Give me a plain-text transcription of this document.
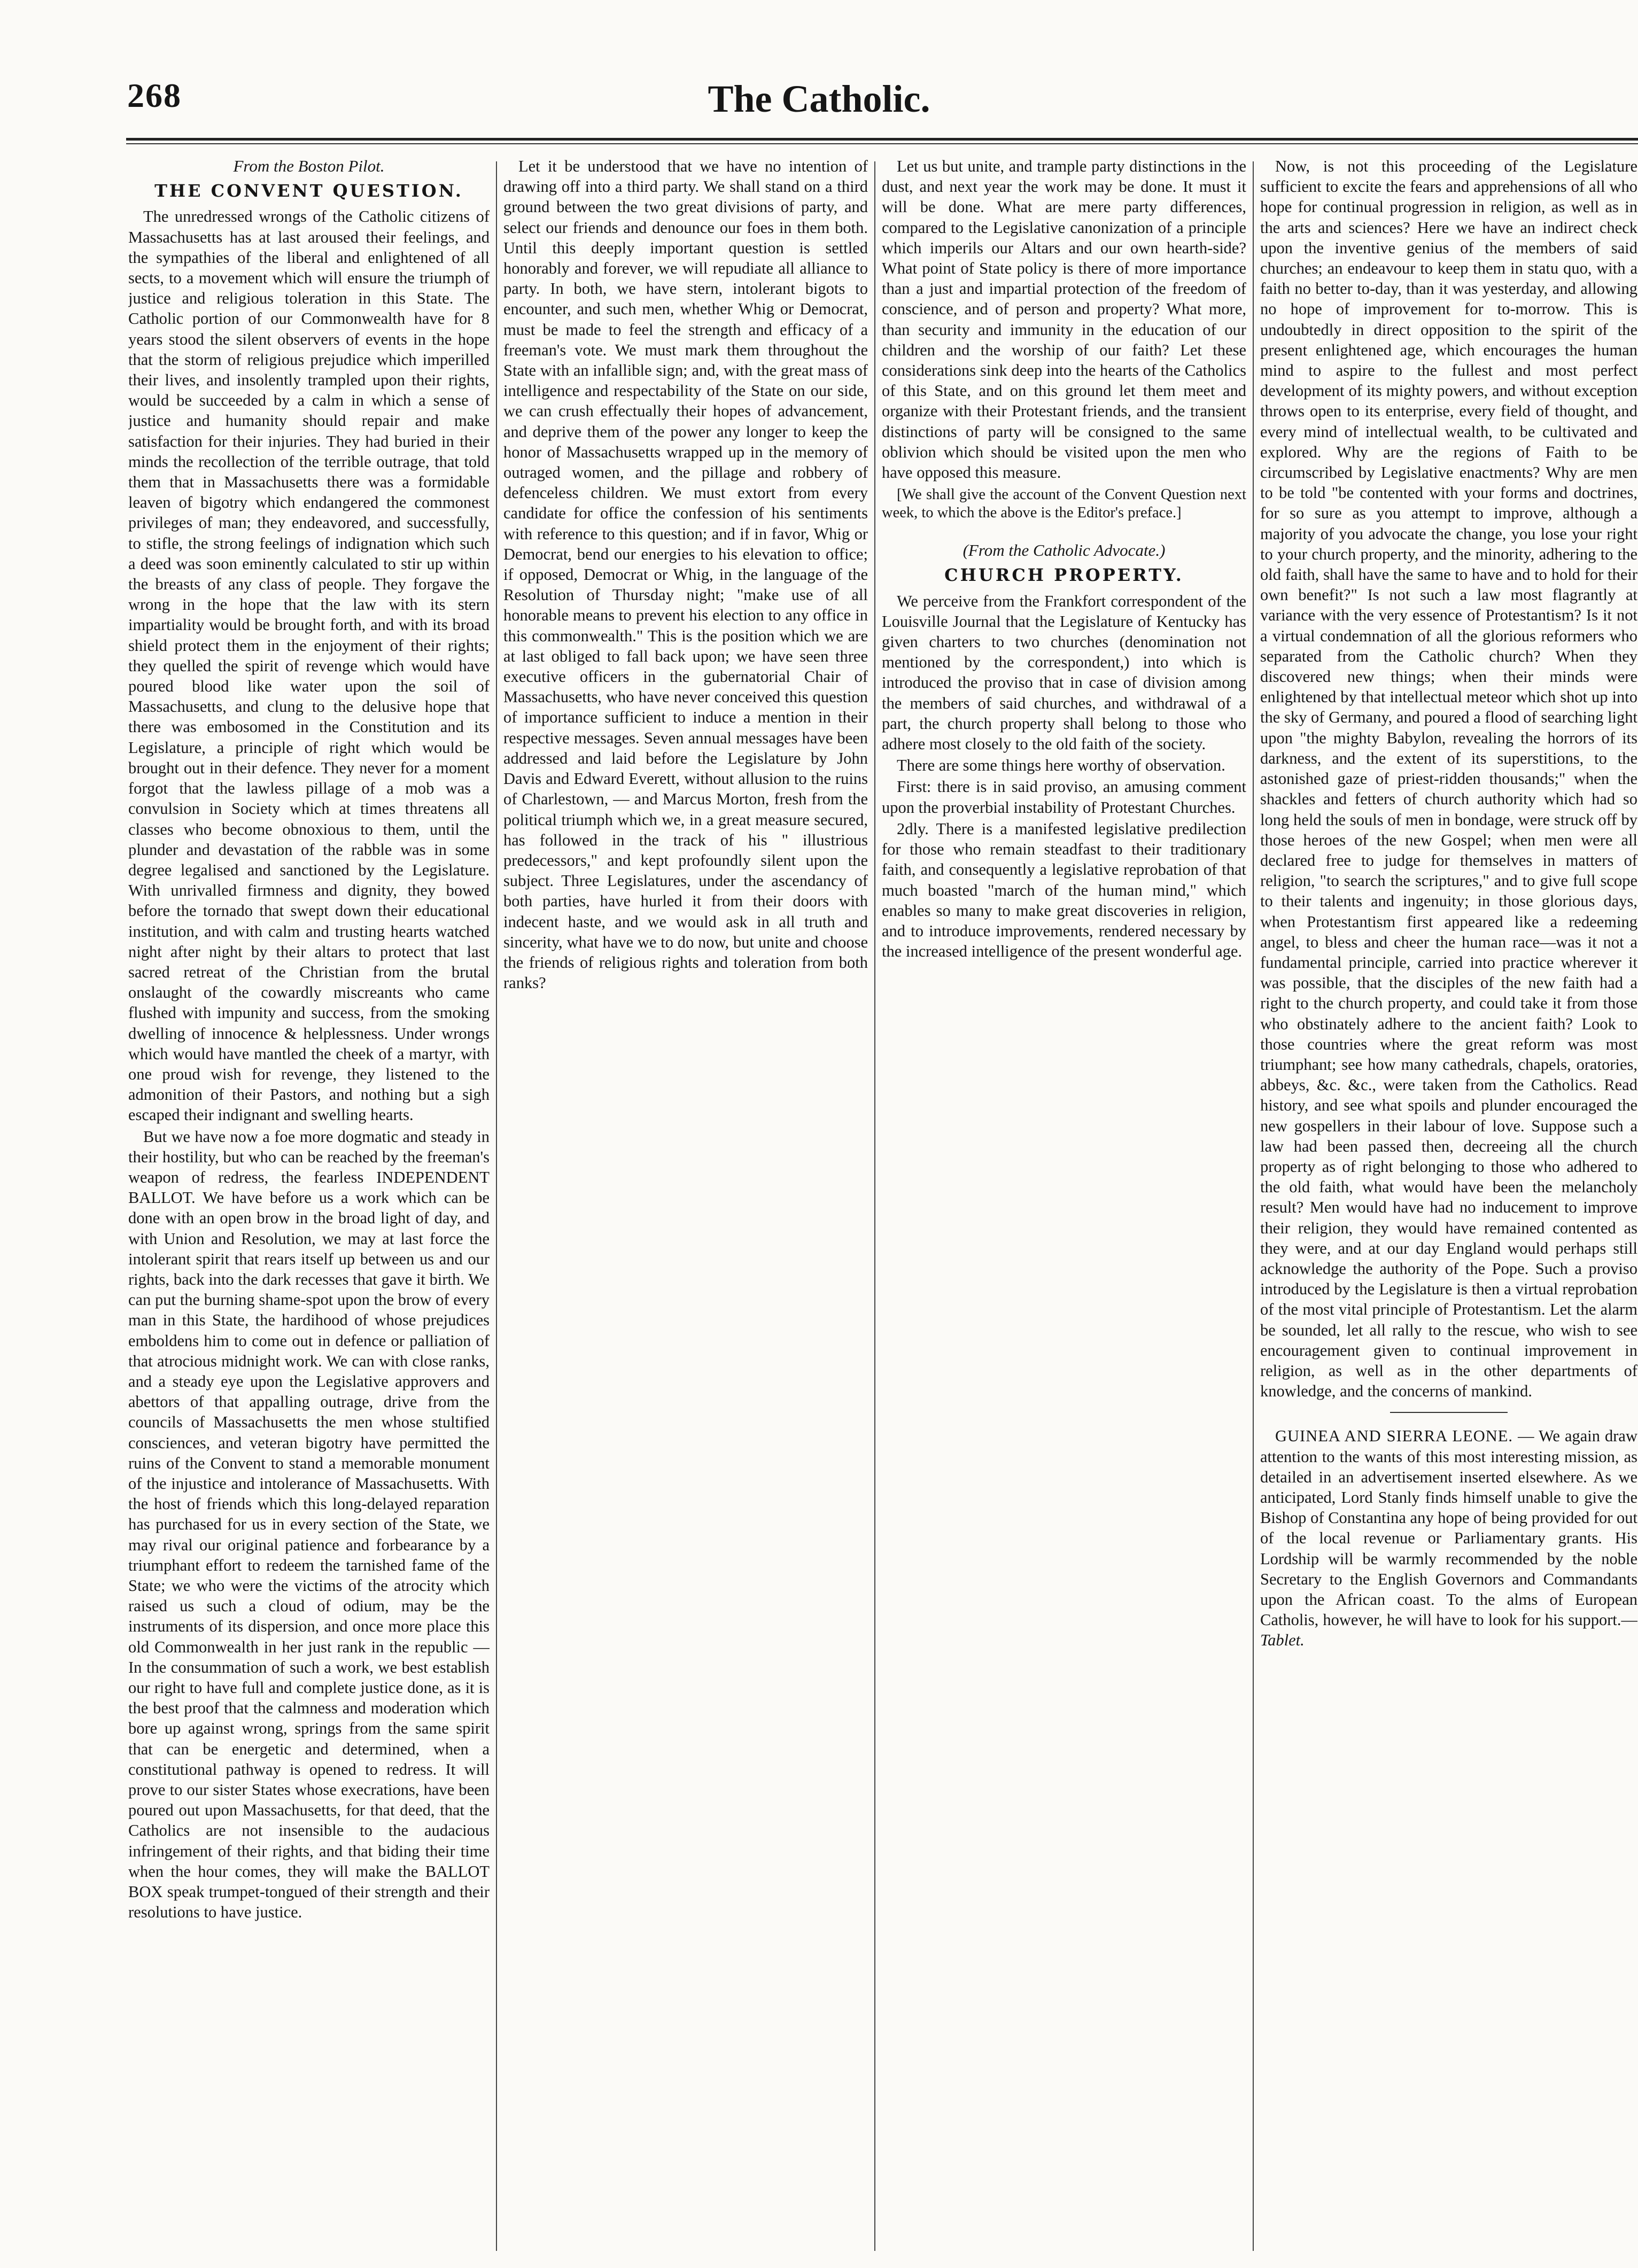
268	The Catholic.
From the Boston Pilot.
THE CONVENT QUESTION.

The unredressed wrongs of the Catholic citizens of Massachusetts has at last aroused their feelings, and the sympathies of the liberal and enlightened of all sects, to a movement which will ensure the triumph of justice and religious toleration in this State. The Catholic portion of our Commonwealth have for 8 years stood the silent observers of events in the hope that the storm of religious prejudice which imperilled their lives, and insolently trampled upon their rights, would be succeeded by a calm in which a sense of justice and humanity should repair and make satisfaction for their injuries. They had buried in their minds the recollection of the terrible outrage, that told them that in Massachusetts there was a formidable leaven of bigotry which endangered the commonest privileges of man; they endeavored, and successfully, to stifle, the strong feelings of indignation which such a deed was soon eminently calculated to stir up within the breasts of any class of people. They forgave the wrong in the hope that the law with its stern impartiality would be brought forth, and with its broad shield protect them in the enjoyment of their rights; they quelled the spirit of revenge which would have poured blood like water upon the soil of Massachusetts, and clung to the delusive hope that there was embosomed in the Constitution and its Legislature, a principle of right which would be brought out in their defence. They never for a moment forgot that the lawless pillage of a mob was a convulsion in Society which at times threatens all classes who become obnoxious to them, until the plunder and devastation of the rabble was in some degree legalised and sanctioned by the Legislature. With unrivalled firmness and dignity, they bowed before the tornado that swept down their educational institution, and with calm and trusting hearts watched night after night by their altars to protect that last sacred retreat of the Christian from the brutal onslaught of the cowardly miscreants who came flushed with impunity and success, from the smoking dwelling of innocence & helplessness. Under wrongs which would have mantled the cheek of a martyr, with one proud wish for revenge, they listened to the admonition of their Pastors, and nothing but a sigh escaped their indignant and swelling hearts.

But we have now a foe more dogmatic and steady in their hostility, but who can be reached by the freeman's weapon of redress, the fearless INDEPENDENT BALLOT. We have before us a work which can be done with an open brow in the broad light of day, and with Union and Resolution, we may at last force the intolerant spirit that rears itself up between us and our rights, back into the dark recesses that gave it birth. We can put the burning shame-spot upon the brow of every man in this State, the hardihood of whose prejudices emboldens him to come out in defence or palliation of that atrocious midnight work. We can with close ranks, and a steady eye upon the Legislative approvers and abettors of that appalling outrage, drive from the councils of Massachusetts the men whose stultified consciences, and veteran bigotry have permitted the ruins of the Convent to stand a memorable monument of the injustice and intolerance of Massachusetts. With the host of friends which this long-delayed reparation has purchased for us in every section of the State, we may rival our original patience and forbearance by a triumphant effort to redeem the tarnished fame of the State; we who were the victims of the atrocity which raised us such a cloud of odium, may be the instruments of its dispersion, and once more place this old Commonwealth in her just rank in the republic — In the consummation of such a work, we best establish our right to have full and complete justice done, as it is the best proof that the calmness and moderation which bore up against wrong, springs from the same spirit that can be energetic and determined, when a constitutional pathway is opened to redress. It will prove to our sister States whose execrations, have been poured out upon Massachusetts, for that deed, that the Catholics are not insensible to the audacious infringement of their rights, and that biding their time when the hour comes, they will make the BALLOT BOX speak trumpet-tongued of their strength and their resolutions to have justice.

Let it be understood that we have no intention of drawing off into a third party. We shall stand on a third ground between the two great divisions of party, and select our friends and denounce our foes in them both. Until this deeply important question is settled honorably and forever, we will repudiate all alliance to party. In both, we have stern, intolerant bigots to encounter, and such men, whether Whig or Democrat, must be made to feel the strength and efficacy of a freeman's vote. We must mark them throughout the State with an infallible sign; and, with the great mass of intelligence and respectability of the State on our side, we can crush effectually their hopes of advancement, and deprive them of the power any longer to keep the honor of Massachusetts wrapped up in the memory of outraged women, and the pillage and robbery of defenceless children. We must extort from every candidate for office the confession of his sentiments with reference to this question; and if in favor, Whig or Democrat, bend our energies to his elevation to office; if opposed, Democrat or Whig, in the language of the Resolution of Thursday night; "make use of all honorable means to prevent his election to any office in this commonwealth." This is the position which we are at last obliged to fall back upon; we have seen three executive officers in the gubernatorial Chair of Massachusetts, who have never conceived this question of importance sufficient to induce a mention in their respective messages. Seven annual messages have been addressed and laid before the Legislature by John Davis and Edward Everett, without allusion to the ruins of Charlestown, — and Marcus Morton, fresh from the political triumph which we, in a great measure secured, has followed in the track of his " illustrious predecessors," and kept profoundly silent upon the subject. Three Legislatures, under the ascendancy of both parties, have hurled it from their doors with indecent haste, and we would ask in all truth and sincerity, what have we to do now, but unite and choose the friends of religious rights and toleration from both ranks?

Let us but unite, and trample party distinctions in the dust, and next year the work may be done. It must it will be done. What are mere party differences, compared to the Legislative canonization of a principle which imperils our Altars and our own hearth-side? What point of State policy is there of more importance than a just and impartial protection of the freedom of conscience, and of person and property? What more, than security and immunity in the education of our children and the worship of our faith? Let these considerations sink deep into the hearts of the Catholics of this State, and on this ground let them meet and organize with their Protestant friends, and the transient distinctions of party will be consigned to the same oblivion which should be visited upon the men who have opposed this measure.

[We shall give the account of the Convent Question next week, to which the above is the Editor's preface.]
(From the Catholic Advocate.)
CHURCH PROPERTY.

We perceive from the Frankfort correspondent of the Louisville Journal that the Legislature of Kentucky has given charters to two churches (denomination not mentioned by the correspondent,) into which is introduced the proviso that in case of division among the members of said churches, and withdrawal of a part, the church property shall belong to those who adhere most closely to the old faith of the society.

There are some things here worthy of observation.

First: there is in said proviso, an amusing comment upon the proverbial instability of Protestant Churches.

2dly. There is a manifested legislative predilection for those who remain steadfast to their traditionary faith, and consequently a legislative reprobation of that much boasted "march of the human mind," which enables so many to make great discoveries in religion, and to introduce improvements, rendered necessary by the increased intelligence of the present wonderful age.

Now, is not this proceeding of the Legislature sufficient to excite the fears and apprehensions of all who hope for continual progression in religion, as well as in the arts and sciences? Here we have an indirect check upon the inventive genius of the members of said churches; an endeavour to keep them in statu quo, with a faith no better to-day, than it was yesterday, and allowing no hope of improvement for to-morrow. This is undoubtedly in direct opposition to the spirit of the present enlightened age, which encourages the human mind to aspire to the fullest and most perfect development of its mighty powers, and without exception throws open to its enterprise, every field of thought, and every mind of intellectual wealth, to be cultivated and explored. Why are the regions of Faith to be circumscribed by Legislative enactments? Why are men to be told "be contented with your forms and doctrines, for so sure as you attempt to improve, although a majority of you advocate the change, you lose your right to your church property, and the minority, adhering to the old faith, shall have the same to have and to hold for their own benefit?" Is not such a law most flagrantly at variance with the very essence of Protestantism? Is it not a virtual condemnation of all the glorious reformers who separated from the Catholic church? When they discovered new things; when their minds were enlightened by that intellectual meteor which shot up into the sky of Germany, and poured a flood of searching light upon "the mighty Babylon, revealing the horrors of its darkness, and the extent of its superstitions, to the astonished gaze of priest-ridden thousands;" when the shackles and fetters of church authority which had so long held the souls of men in bondage, were struck off by those heroes of the new Gospel; when men were all declared free to judge for themselves in matters of religion, "to search the scriptures," and to give full scope to their talents and ingenuity; in those glorious days, when Protestantism first appeared like a redeeming angel, to bless and cheer the human race—was it not a fundamental principle, carried into practice wherever it was possible, that the disciples of the new faith had a right to the church property, and could take it from those who obstinately adhere to the ancient faith? Look to those countries where the great reform was most triumphant; see how many cathedrals, chapels, oratories, abbeys, &c. &c., were taken from the Catholics. Read history, and see what spoils and plunder encouraged the new gospellers in their labour of love. Suppose such a law had been passed then, decreeing all the church property as of right belonging to those who adhered to the old faith, what would have been the melancholy result? Men would have had no inducement to improve their religion, they would have remained contented as they were, and at our day England would perhaps still acknowledge the authority of the Pope. Such a proviso introduced by the Legislature is then a virtual reprobation of the most vital principle of Protestantism. Let the alarm be sounded, let all rally to the rescue, who wish to see encouragement given to continual improvement in religion, as well as in the other departments of knowledge, and the concerns of mankind.

GUINEA AND SIERRA LEONE. — We again draw attention to the wants of this most interesting mission, as detailed in an advertisement inserted elsewhere. As we anticipated, Lord Stanly finds himself unable to give the Bishop of Constantina any hope of being provided for out of the local revenue or Parliamentary grants. His Lordship will be warmly recommended by the noble Secretary to the English Governors and Commandants upon the African coast. To the alms of European Catholis, however, he will have to look for his support.— Tablet.
